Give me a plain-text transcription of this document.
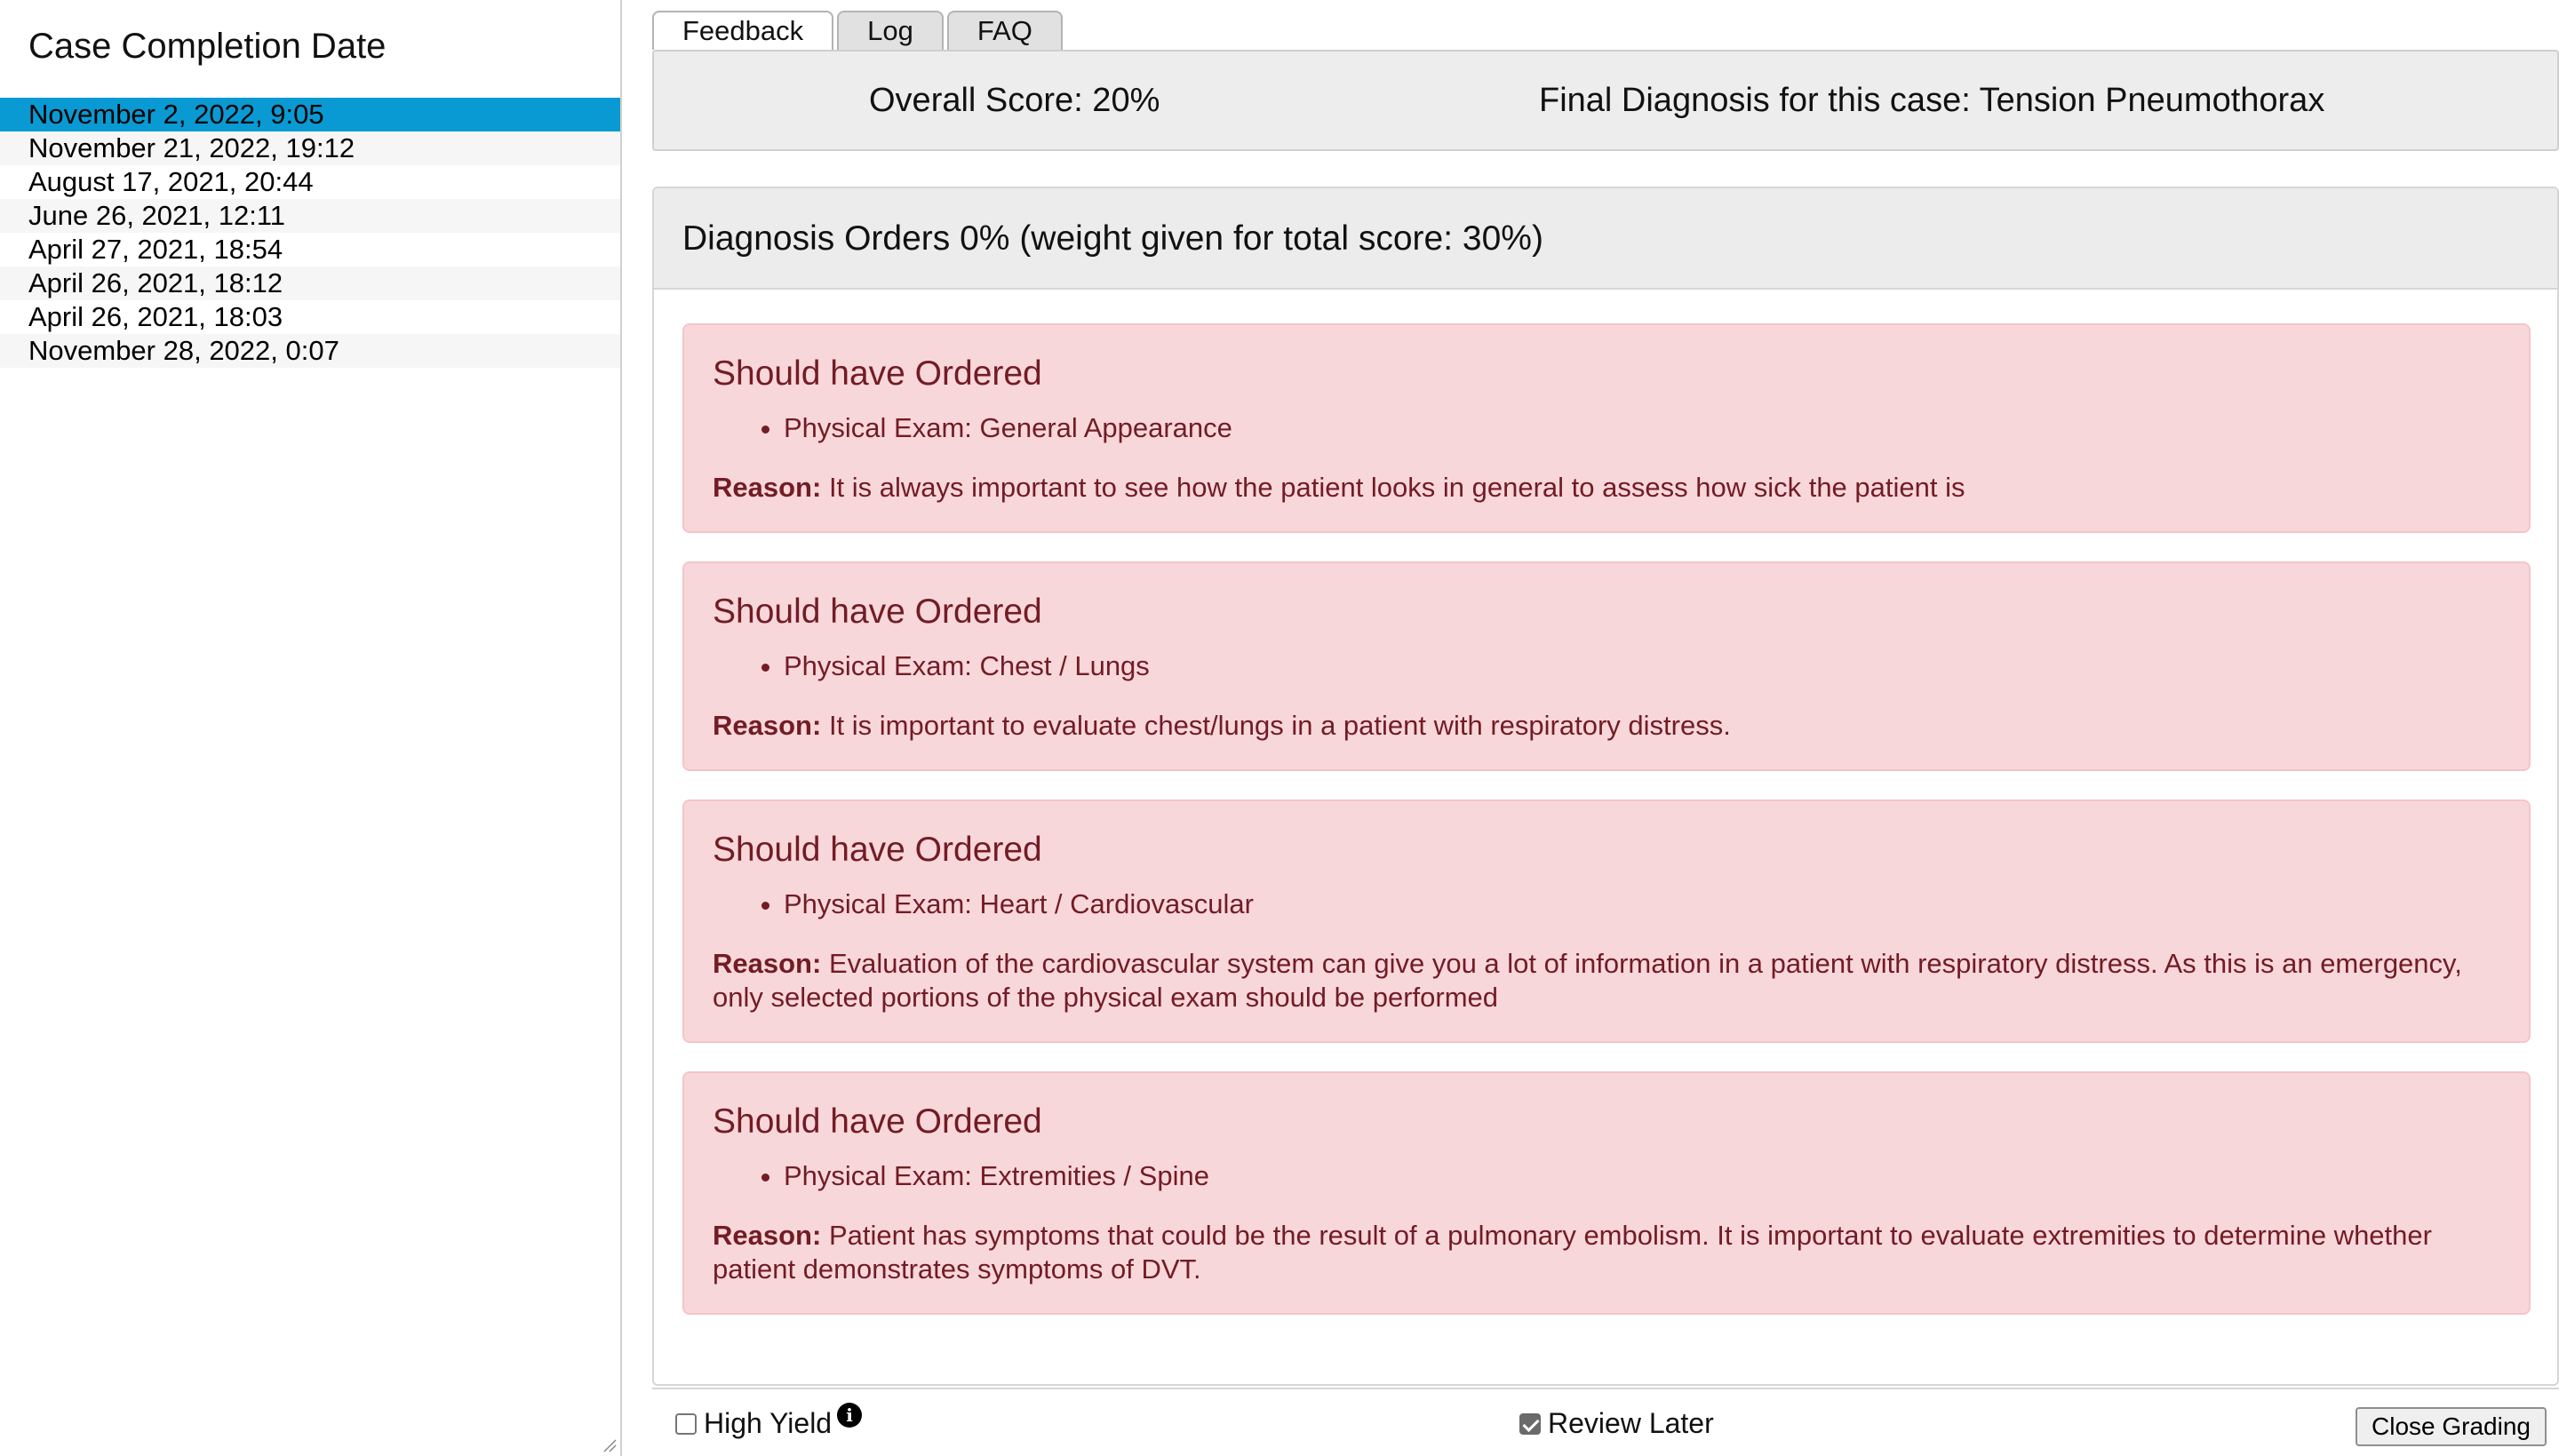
Case Completion Date
November 2, 2022, 9:05
November 21, 2022, 19:12
August 17, 2021, 20:44
June 26, 2021, 12:11
April 27, 2021, 18:54
April 26, 2021, 18:12
April 26, 2021, 18:03
November 28, 2022, 0:07
Feedback	Log	FAQ
Overall Score: 20%	Final Diagnosis for this case: Tension Pneumothorax
Diagnosis Orders 0% (weight given for total score: 30%)
Should have Ordered
• Physical Exam: General Appearance
Reason: It is always important to see how the patient looks in general to assess how sick the patient is
Should have Ordered
• Physical Exam: Chest / Lungs
Reason: It is important to evaluate chest/lungs in a patient with respiratory distress.
Should have Ordered
• Physical Exam: Heart / Cardiovascular
Reason: Evaluation of the cardiovascular system can give you a lot of information in a patient with respiratory distress. As this is an emergency, only selected portions of the physical exam should be performed
Should have Ordered
• Physical Exam: Extremities / Spine
Reason: Patient has symptoms that could be the result of a pulmonary embolism. It is important to evaluate extremities to determine whether patient demonstrates symptoms of DVT.
High Yield i	Review Later	Close Grading
